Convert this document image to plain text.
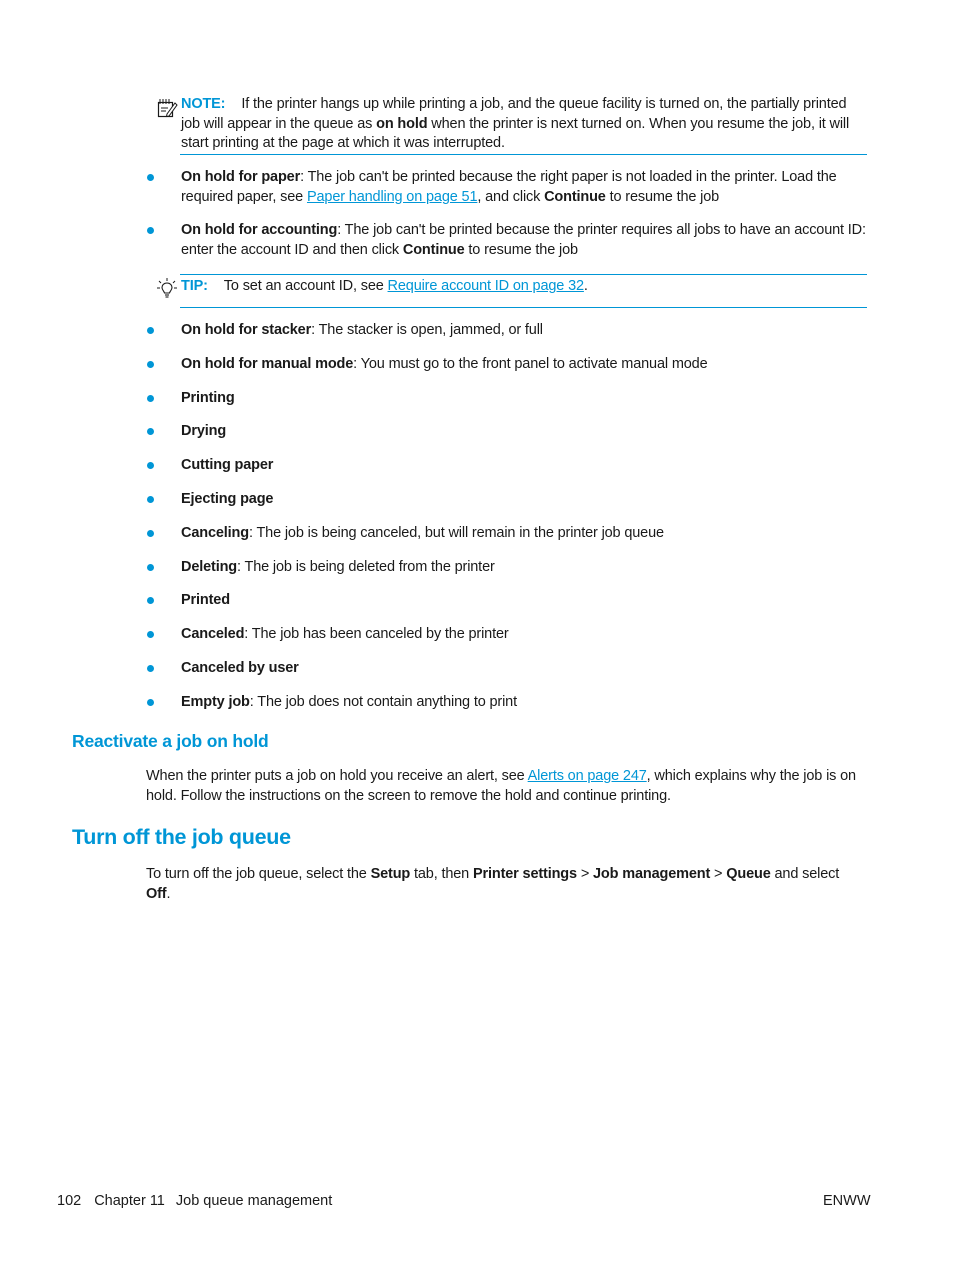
NOTE: If the printer hangs up while printing a job, and the queue facility is turned on, the partially printed job will appear in the queue as on hold when the printer is next turned on. When you resume the job, it will start printing at the page at which it was interrupted.
On hold for paper: The job can't be printed because the right paper is not loaded in the printer. Load the required paper, see Paper handling on page 51, and click Continue to resume the job
On hold for accounting: The job can't be printed because the printer requires all jobs to have an account ID: enter the account ID and then click Continue to resume the job
TIP: To set an account ID, see Require account ID on page 32.
On hold for stacker: The stacker is open, jammed, or full
On hold for manual mode: You must go to the front panel to activate manual mode
Printing
Drying
Cutting paper
Ejecting page
Canceling: The job is being canceled, but will remain in the printer job queue
Deleting: The job is being deleted from the printer
Printed
Canceled: The job has been canceled by the printer
Canceled by user
Empty job: The job does not contain anything to print
Reactivate a job on hold
When the printer puts a job on hold you receive an alert, see Alerts on page 247, which explains why the job is on hold. Follow the instructions on the screen to remove the hold and continue printing.
Turn off the job queue
To turn off the job queue, select the Setup tab, then Printer settings > Job management > Queue and select Off.
102 Chapter 11 Job queue management	ENWW
